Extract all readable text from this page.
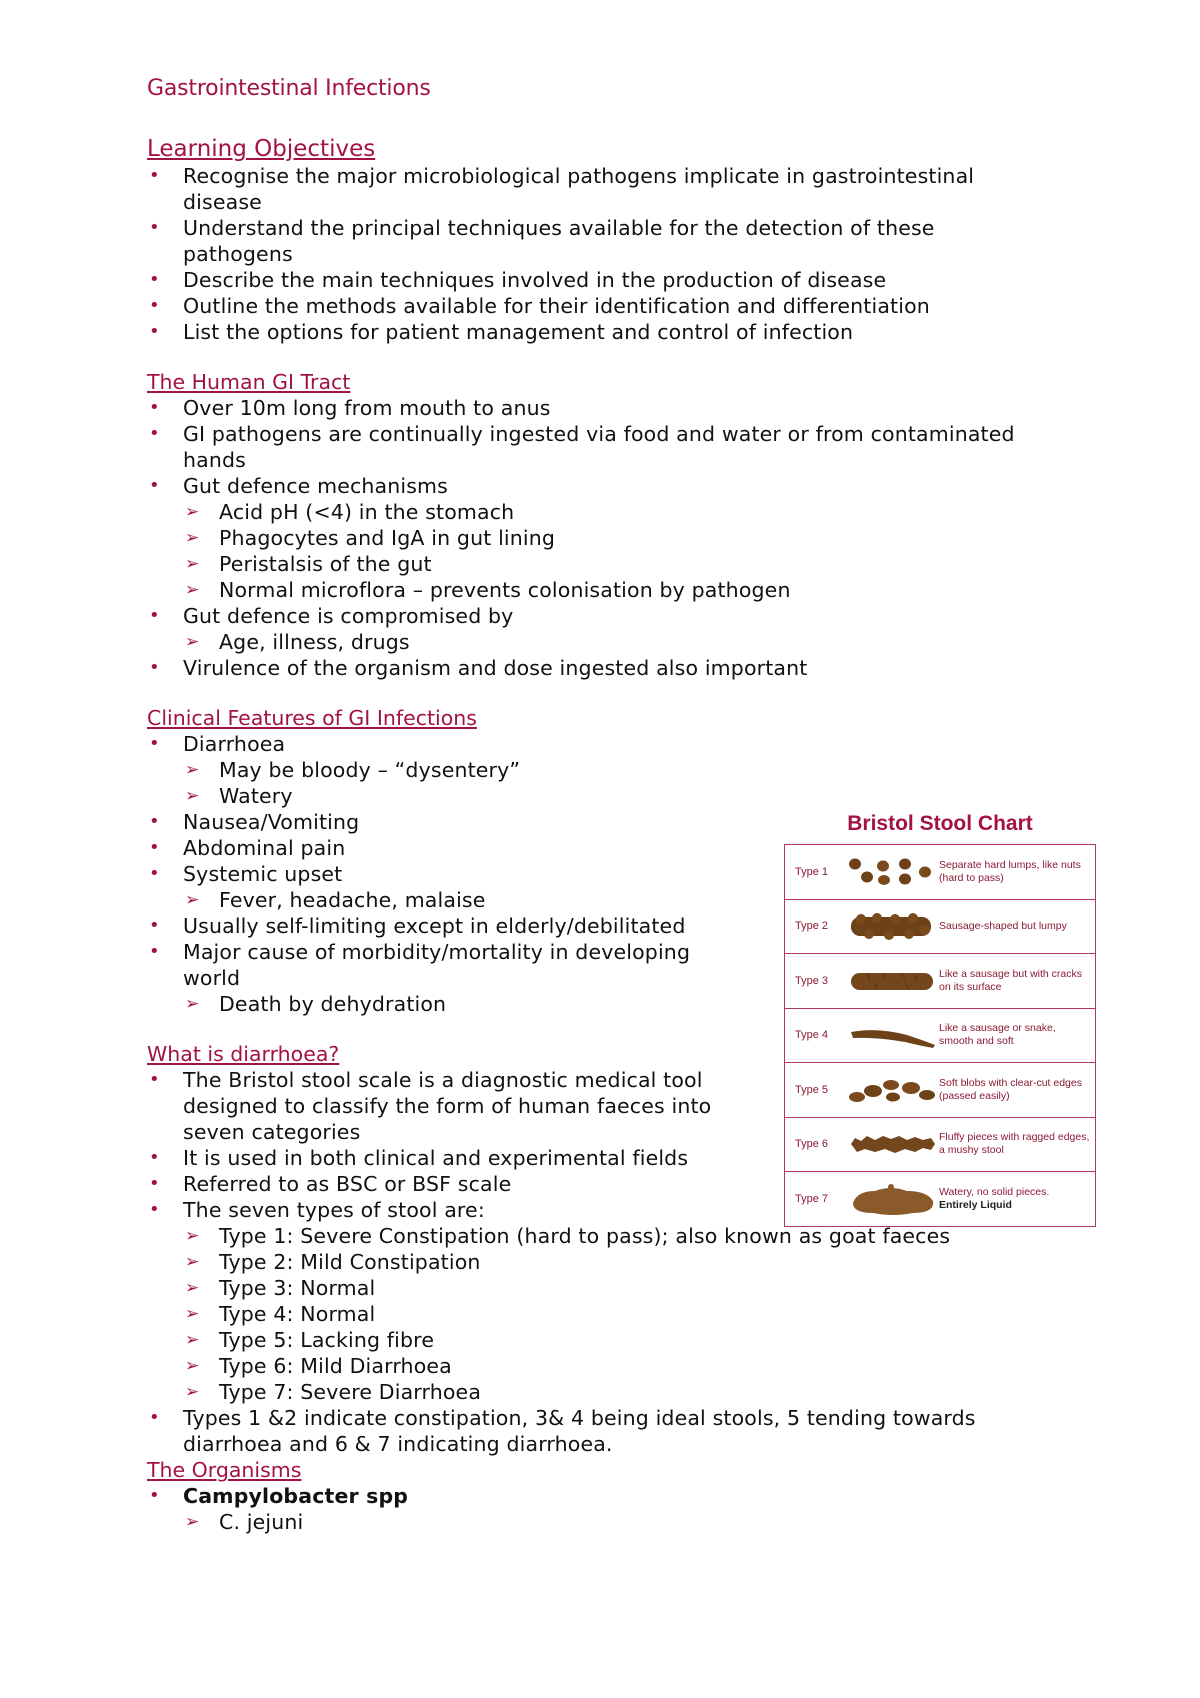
Gastrointestinal Infections
Learning Objectives
• Recognise the major microbiological pathogens implicate in gastrointestinal disease
• Understand the principal techniques available for the detection of these pathogens
• Describe the main techniques involved in the production of disease
• Outline the methods available for their identification and differentiation
• List the options for patient management and control of infection
The Human GI Tract
• Over 10m long from mouth to anus
• GI pathogens are continually ingested via food and water or from contaminated hands
• Gut defence mechanisms
➢ Acid pH (<4) in the stomach
➢ Phagocytes and IgA in gut lining
➢ Peristalsis of the gut
➢ Normal microflora – prevents colonisation by pathogen
• Gut defence is compromised by
➢ Age, illness, drugs
• Virulence of the organism and dose ingested also important
Clinical Features of GI Infections
• Diarrhoea
➢ May be bloody – “dysentery”
➢ Watery
• Nausea/Vomiting
• Abdominal pain
• Systemic upset
➢ Fever, headache, malaise
• Usually self-limiting except in elderly/debilitated
• Major cause of morbidity/mortality in developing world
➢ Death by dehydration
What is diarrhoea?
• The Bristol stool scale is a diagnostic medical tool designed to classify the form of human faeces into seven categories
• It is used in both clinical and experimental fields
• Referred to as BSC or BSF scale
• The seven types of stool are:
➢ Type 1: Severe Constipation (hard to pass); also known as goat faeces
➢ Type 2: Mild Constipation
➢ Type 3: Normal
➢ Type 4: Normal
➢ Type 5: Lacking fibre
➢ Type 6: Mild Diarrhoea
➢ Type 7: Severe Diarrhoea
• Types 1 &2 indicate constipation, 3& 4 being ideal stools, 5 tending towards diarrhoea and 6 & 7 indicating diarrhoea.
The Organisms
• Campylobacter spp
➢ C. jejuni
Bristol Stool Chart
Type 1
Separate hard lumps, like nuts (hard to pass)
Type 2	Sausage-shaped but lumpy
Type 3
Like a sausage but with cracks on its surface
Type 4
Like a sausage or snake, smooth and soft
Type 5
Soft blobs with clear-cut edges (passed easily)
Type 6
Fluffy pieces with ragged edges, a mushy stool
Type 7
Watery, no solid pieces.
Entirely Liquid
